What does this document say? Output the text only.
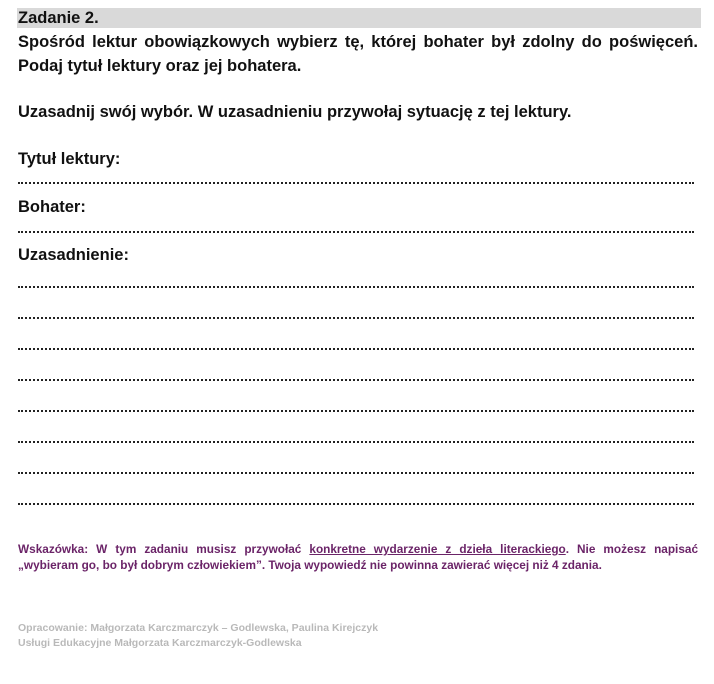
Zadanie 2.
Spośród lektur obowiązkowych wybierz tę, której bohater był zdolny do poświęceń. Podaj tytuł lektury oraz jej bohatera.
Uzasadnij swój wybór. W uzasadnieniu przywołaj sytuację z tej lektury.
Tytuł lektury:
Bohater:
Uzasadnienie:
Wskazówka: W tym zadaniu musisz przywołać konkretne wydarzenie z dzieła literackiego. Nie możesz napisać „wybieram go, bo był dobrym człowiekiem”. Twoja wypowiedź nie powinna zawierać więcej niż 4 zdania.
Opracowanie: Małgorzata Karczmarczyk – Godlewska, Paulina Kirejczyk
Usługi Edukacyjne Małgorzata Karczmarczyk-Godlewska
